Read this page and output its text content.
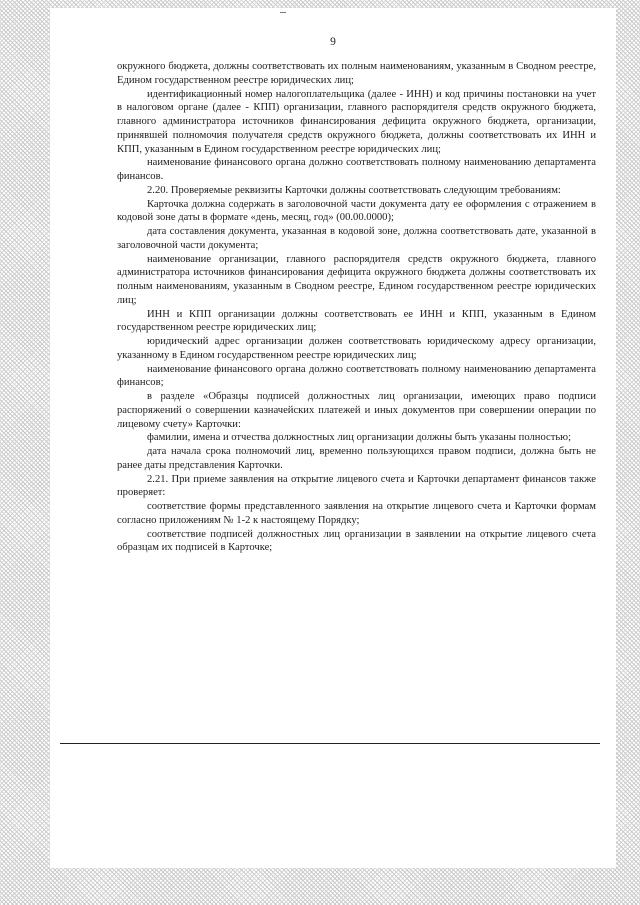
9

окружного бюджета, должны соответствовать их полным наименованиям, указанным в Сводном реестре, Едином государственном реестре юридических лиц;

идентификационный номер налогоплательщика (далее - ИНН) и код причины постановки на учет в налоговом органе (далее - КПП) организации, главного распорядителя средств окружного бюджета, главного администратора источников финансирования дефицита окружного бюджета, организации, принявшей полномочия получателя средств окружного бюджета, должны соответствовать их ИНН и КПП, указанным в Едином государственном реестре юридических лиц;

наименование финансового органа должно соответствовать полному наименованию департамента финансов.

2.20. Проверяемые реквизиты Карточки должны соответствовать следующим требованиям:

Карточка должна содержать в заголовочной части документа дату ее оформления с отражением в кодовой зоне даты в формате «день, месяц, год» (00.00.0000);

дата составления документа, указанная в кодовой зоне, должна соответствовать дате, указанной в заголовочной части документа;

наименование организации, главного распорядителя средств окружного бюджета, главного администратора источников финансирования дефицита окружного бюджета должны соответствовать их полным наименованиям, указанным в Сводном реестре, Едином государственном реестре юридических лиц;

ИНН и КПП организации должны соответствовать ее ИНН и КПП, указанным в Едином государственном реестре юридических лиц;

юридический адрес организации должен соответствовать юридическому адресу организации, указанному в Едином государственном реестре юридических лиц;

наименование финансового органа должно соответствовать полному наименованию департамента финансов;

в разделе «Образцы подписей должностных лиц организации, имеющих право подписи распоряжений о совершении казначейских платежей и иных документов при совершении операции по лицевому счету» Карточки:

фамилии, имена и отчества должностных лиц организации должны быть указаны полностью;

дата начала срока полномочий лиц, временно пользующихся правом подписи, должна быть не ранее даты представления Карточки.

2.21. При приеме заявления на открытие лицевого счета и Карточки департамент финансов также проверяет:

соответствие формы представленного заявления на открытие лицевого счета и Карточки формам согласно приложениям № 1-2 к настоящему Порядку;

соответствие подписей должностных лиц организации в заявлении на открытие лицевого счета образцам их подписей в Карточке;
